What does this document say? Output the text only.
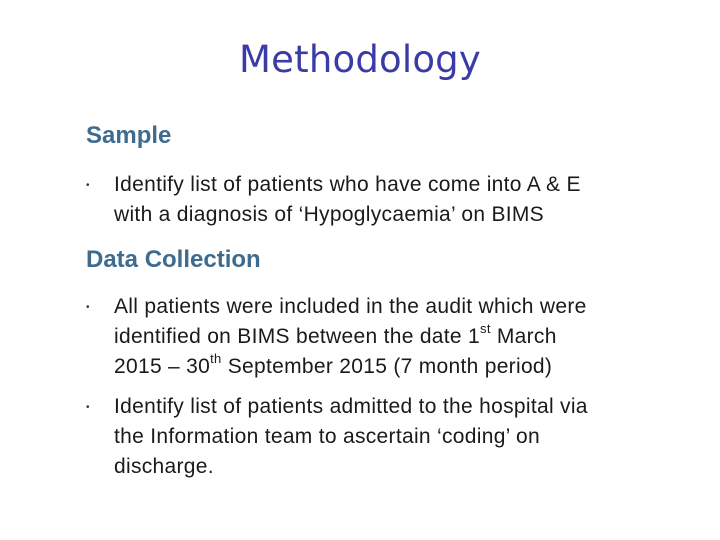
Methodology
Sample
• Identify list of patients who have come into A & E
with a diagnosis of ‘Hypoglycaemia’ on BIMS
Data Collection
• All patients were included in the audit which were
identified on BIMS between the date 1st March
2015 – 30th September 2015 (7 month period)
• Identify list of patients admitted to the hospital via
the Information team to ascertain ‘coding’ on
discharge.
